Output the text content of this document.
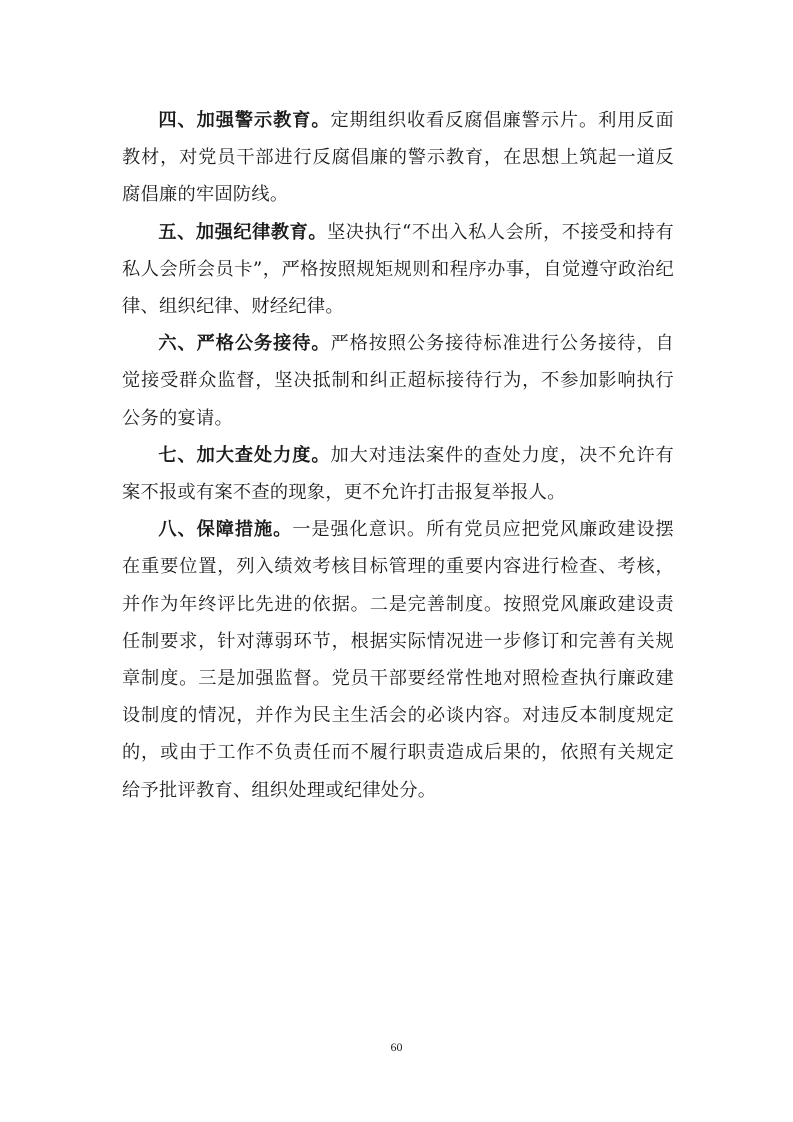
四、加强警示教育。定期组织收看反腐倡廉警示片。利用反面教材，对党员干部进行反腐倡廉的警示教育，在思想上筑起一道反腐倡廉的牢固防线。

五、加强纪律教育。坚决执行“不出入私人会所，不接受和持有私人会所会员卡”，严格按照规矩规则和程序办事，自觉遵守政治纪律、组织纪律、财经纪律。

六、严格公务接待。严格按照公务接待标准进行公务接待，自觉接受群众监督，坚决抵制和纠正超标接待行为，不参加影响执行公务的宴请。

七、加大查处力度。加大对违法案件的查处力度，决不允许有案不报或有案不查的现象，更不允许打击报复举报人。

八、保障措施。一是强化意识。所有党员应把党风廉政建设摆在重要位置，列入绩效考核目标管理的重要内容进行检查、考核，并作为年终评比先进的依据。二是完善制度。按照党风廉政建设责任制要求，针对薄弱环节，根据实际情况进一步修订和完善有关规章制度。三是加强监督。党员干部要经常性地对照检查执行廉政建设制度的情况，并作为民主生活会的必谈内容。对违反本制度规定的，或由于工作不负责任而不履行职责造成后果的，依照有关规定给予批评教育、组织处理或纪律处分。

60
